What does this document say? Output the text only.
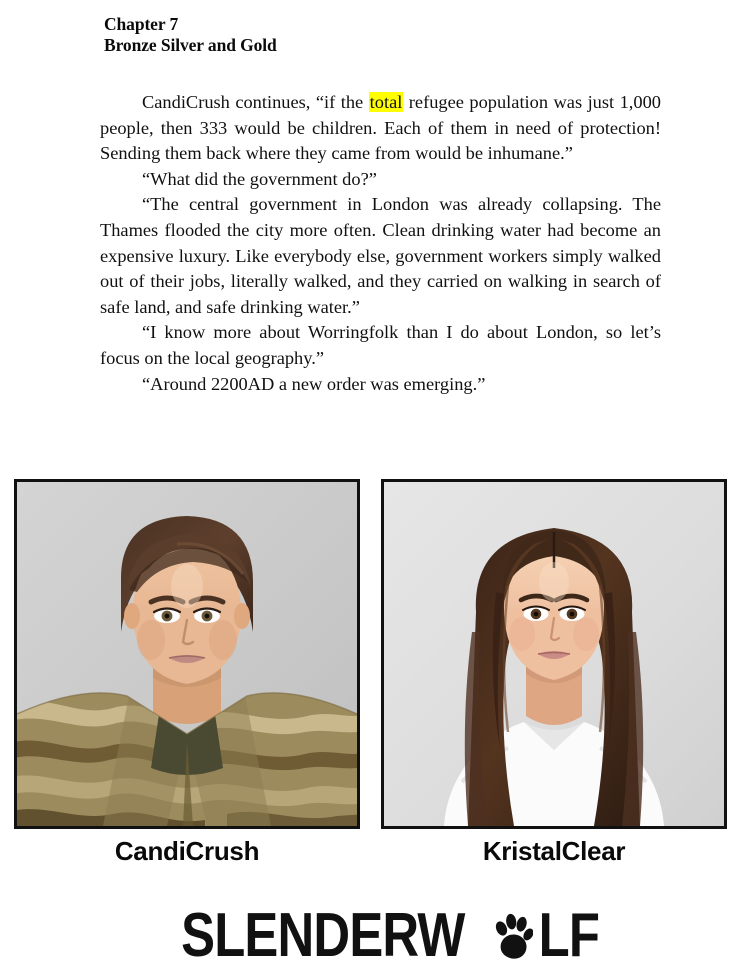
Chapter 7
Bronze Silver and Gold

CandiCrush continues, “if the total refugee population was just 1,000 people, then 333 would be children. Each of them in need of protection! Sending them back where they came from would be inhumane.”

“What did the government do?”

“The central government in London was already collapsing. The Thames flooded the city more often. Clean drinking water had become an expensive luxury. Like everybody else, government workers simply walked out of their jobs, literally walked, and they carried on walking in search of safe land, and safe drinking water.”

“I know more about Worringfolk than I do about London, so let’s focus on the local geography.”

“Around 2200AD a new order was emerging.”

CandiCrush	KristalClear
SLENDERW LF
